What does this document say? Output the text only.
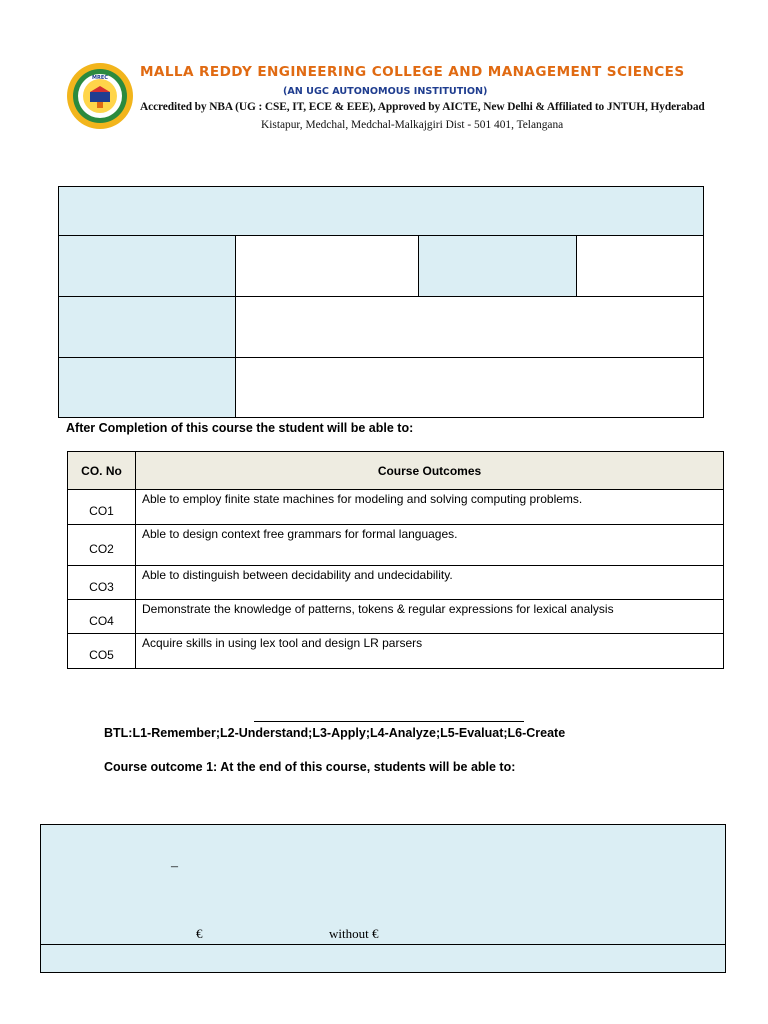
MREC MALLA REDDY ENGINEERING COLLEGE AND MANAGEMENT SCIENCES
(AN UGC AUTONOMOUS INSTITUTION)
Accredited by NBA (UG : CSE, IT, ECE & EEE), Approved by AICTE, New Delhi & Affiliated to JNTUH, Hyderabad
Kistapur, Medchal, Medchal-Malkajgiri Dist - 501 401, Telangana
After Completion of this course the student will be able to:
CO. No	Course Outcomes
CO1	Able to employ finite state machines for modeling and solving computing problems.
CO2	Able to design context free grammars for formal languages.
CO3	Able to distinguish between decidability and undecidability.
CO4	Demonstrate the knowledge of patterns, tokens & regular expressions for lexical analysis
CO5	Acquire skills in using lex tool and design LR parsers
BTL:L1-Remember;L2-Understand;L3-Apply;L4-Analyze;L5-Evaluat;L6-Create
Course outcome 1: At the end of this course, students will be able to:
–
€	without €
